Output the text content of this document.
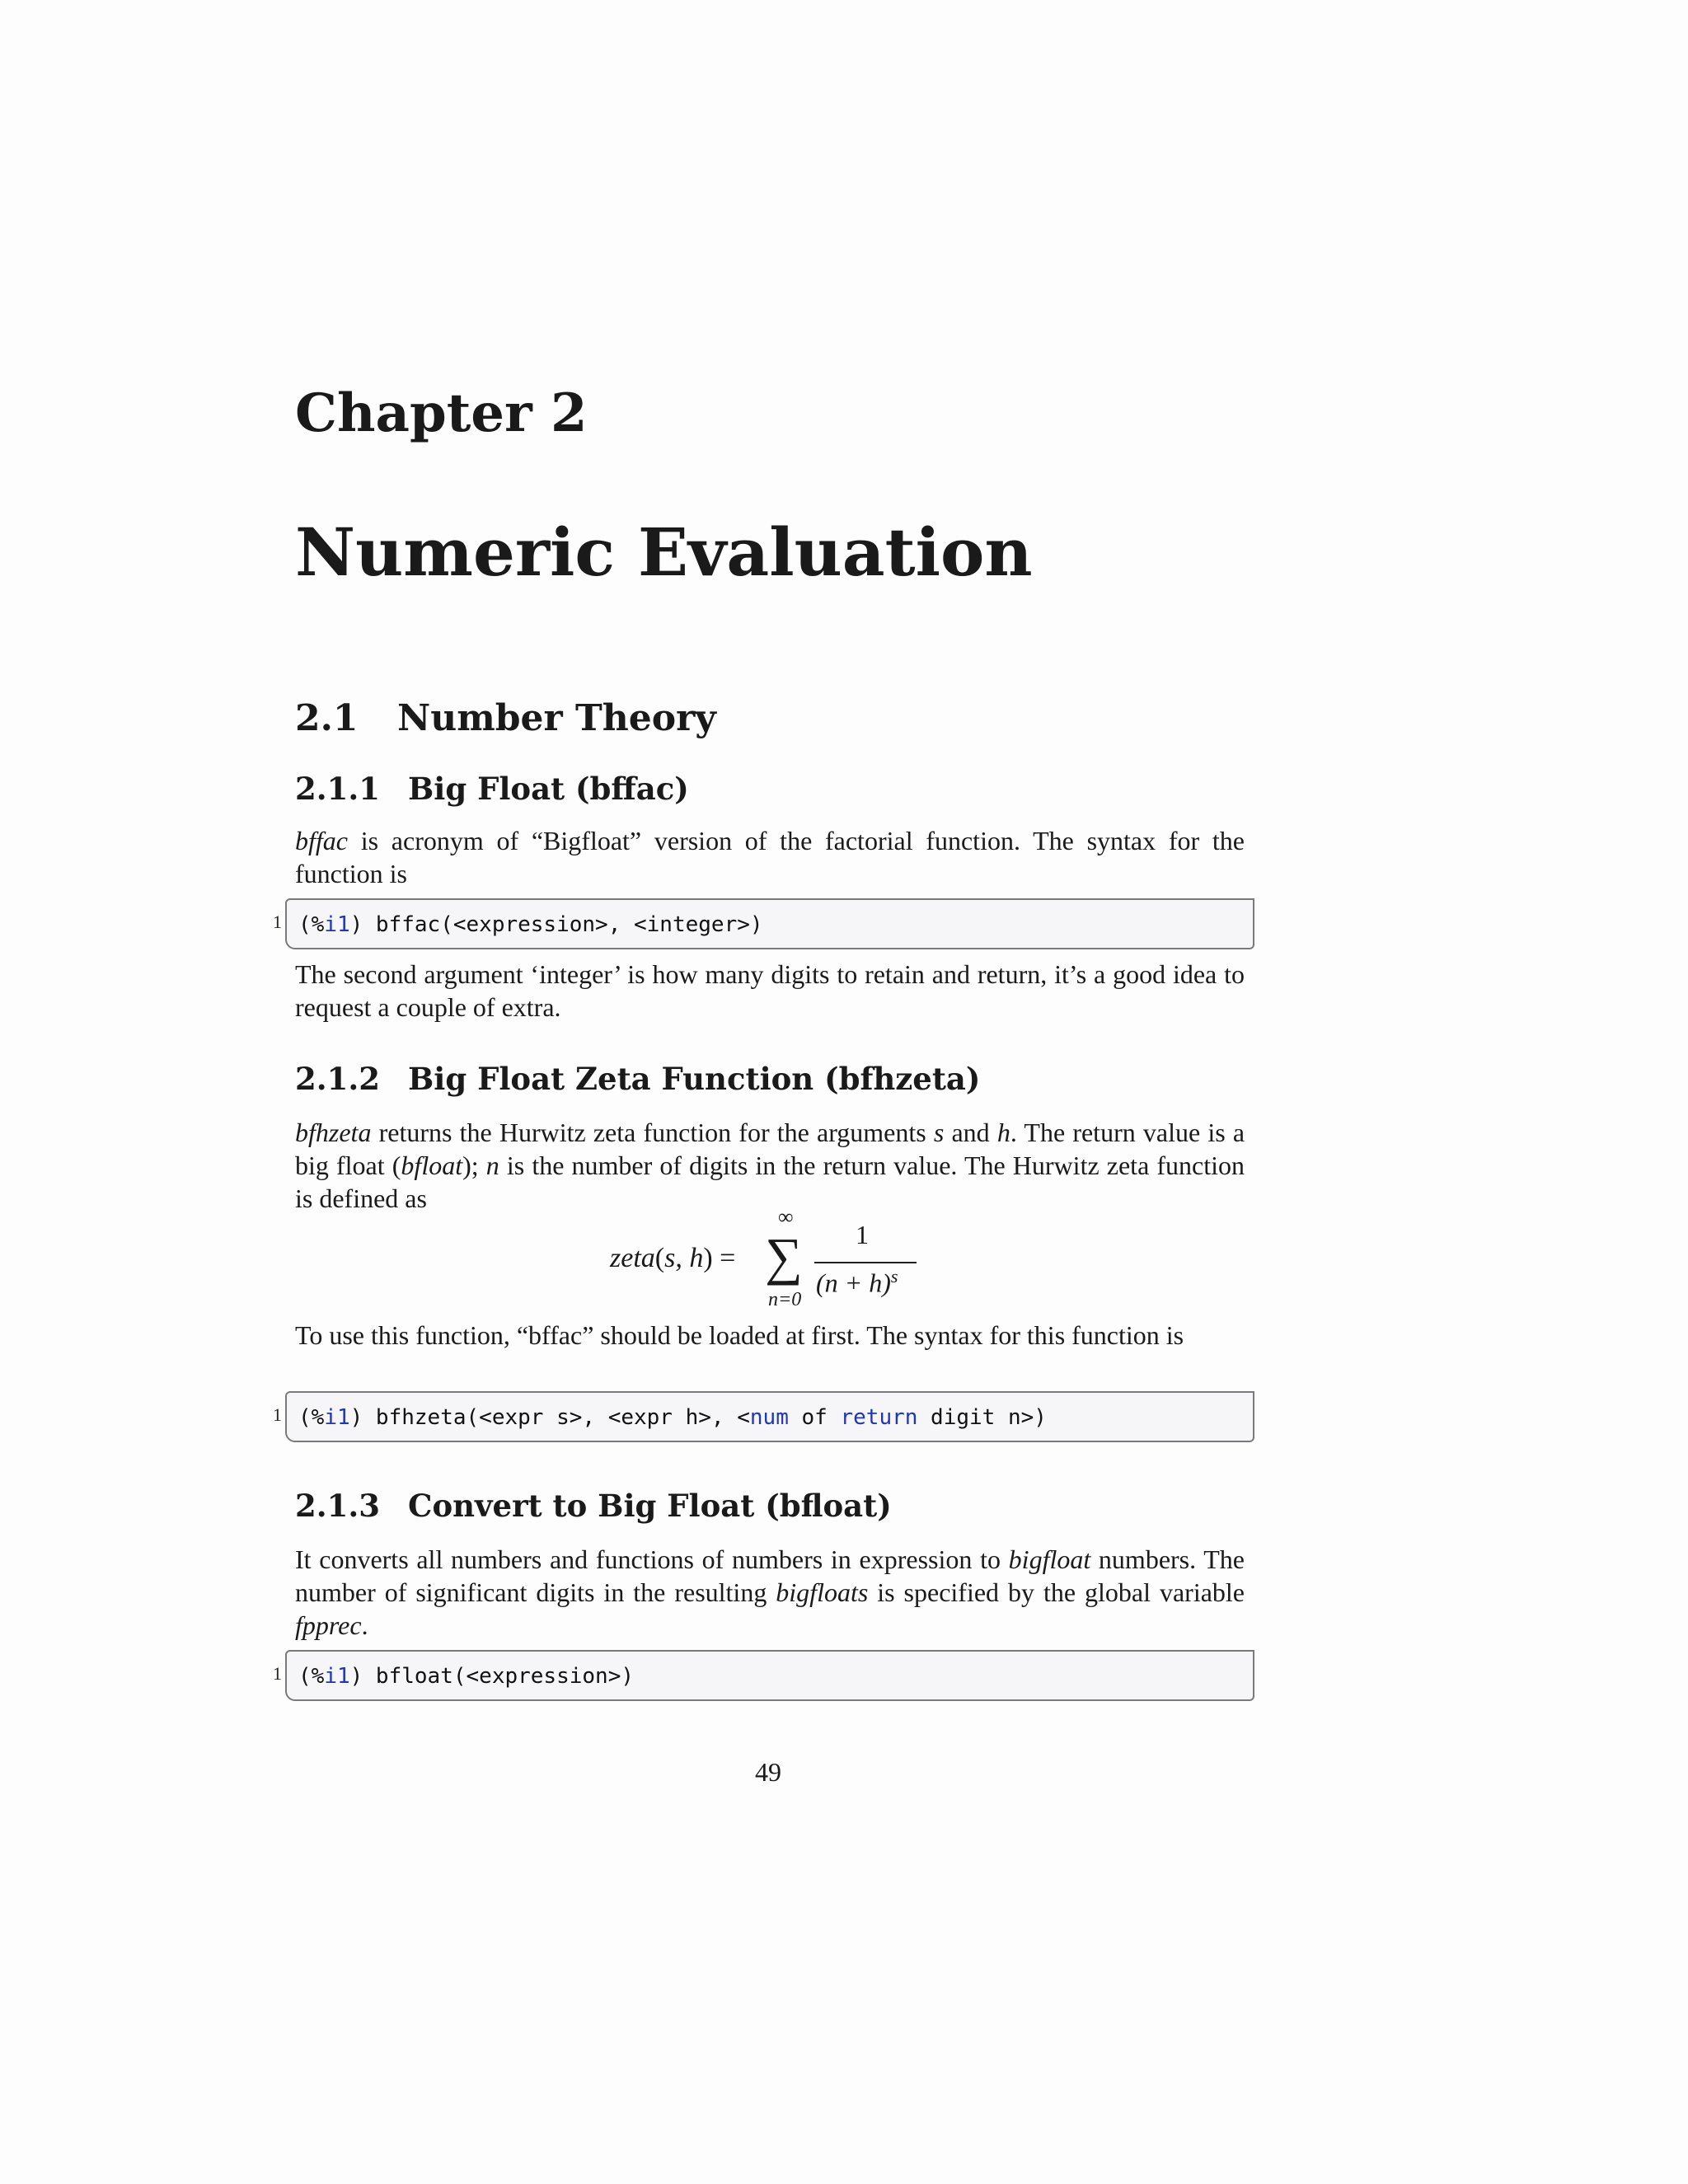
Chapter 2
Numeric Evaluation
2.1 Number Theory
2.1.1 Big Float (bffac)
bffac is acronym of “Bigfloat” version of the factorial function. The syntax for the function is
1 (%i1) bffac(<expression>, <integer>)
The second argument ‘integer’ is how many digits to retain and return, it’s a good idea to request a couple of extra.
2.1.2 Big Float Zeta Function (bfhzeta)
bfhzeta returns the Hurwitz zeta function for the arguments s and h. The return value is a big float (bfloat); n is the number of digits in the return value. The Hurwitz zeta function is defined as
zeta(s, h) =
∞
∑
n=0
1
$(n + h)^s$
To use this function, “bffac” should be loaded at first. The syntax for this function is
1 (%i1) bfhzeta(<expr s>, <expr h>, <num of return digit n>)
2.1.3 Convert to Big Float (bfloat)
It converts all numbers and functions of numbers in expression to bigfloat numbers. The number of significant digits in the resulting bigfloats is specified by the global variable fpprec.
1 (%i1) bfloat(<expression>)
49
